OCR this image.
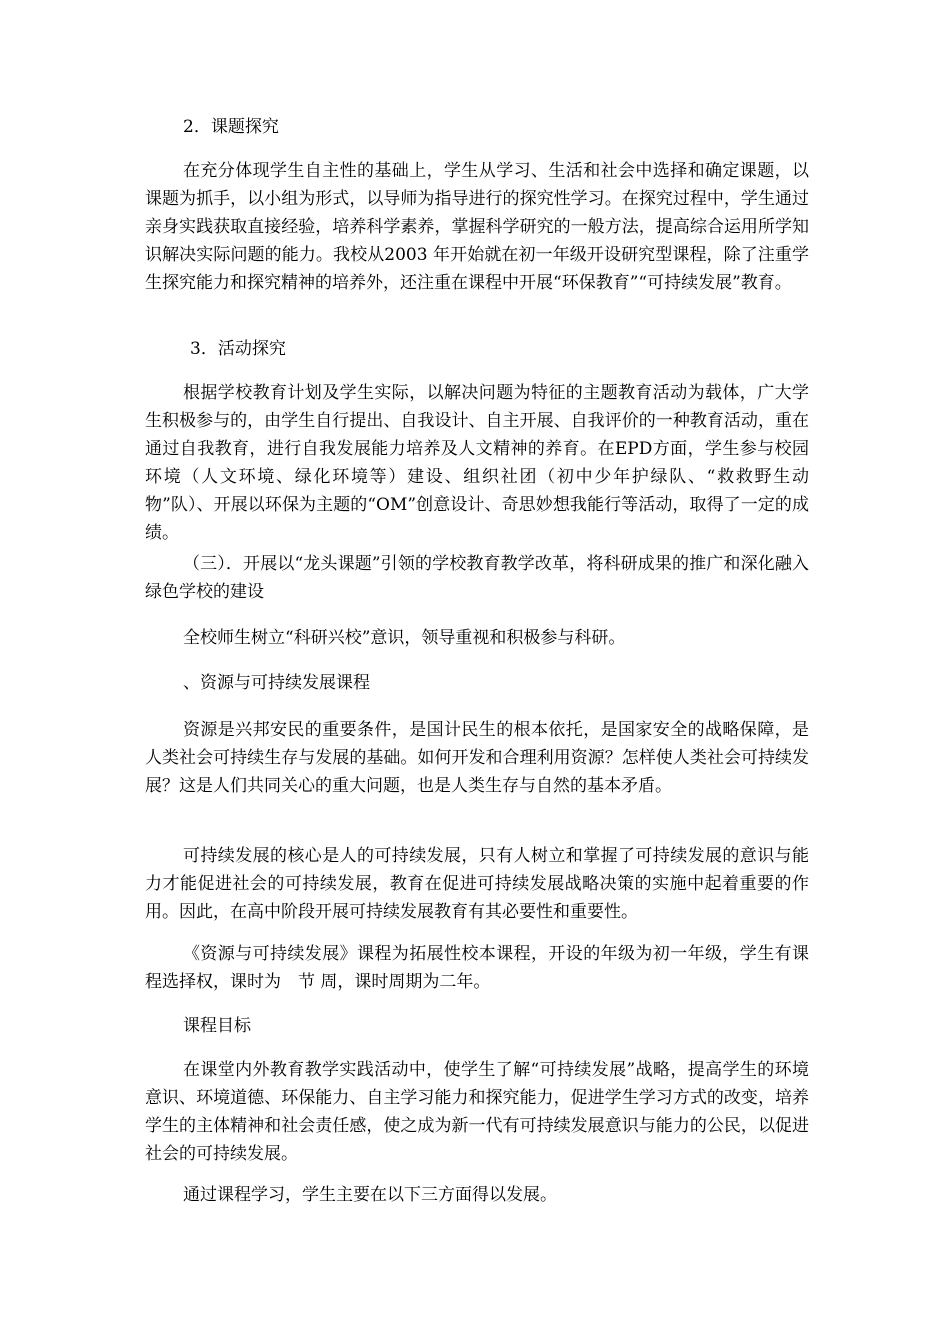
2．课题探究

在充分体现学生自主性的基础上，学生从学习、生活和社会中选择和确定课题，以课题为抓手，以小组为形式，以导师为指导进行的探究性学习。在探究过程中，学生通过亲身实践获取直接经验，培养科学素养，掌握科学研究的一般方法，提高综合运用所学知识解决实际问题的能力。我校从2003 年开始就在初一年级开设研究型课程，除了注重学生探究能力和探究精神的培养外，还注重在课程中开展“环保教育”“可持续发展”教育。

3．活动探究

根据学校教育计划及学生实际，以解决问题为特征的主题教育活动为载体，广大学生积极参与的，由学生自行提出、自我设计、自主开展、自我评价的一种教育活动，重在通过自我教育，进行自我发展能力培养及人文精神的养育。在EPD方面，学生参与校园环境（人文环境、绿化环境等）建设、组织社团（初中少年护绿队、“救救野生动物”队）、开展以环保为主题的“OM”创意设计、奇思妙想我能行等活动，取得了一定的成绩。

（三）．开展以“龙头课题”引领的学校教育教学改革，将科研成果的推广和深化融入绿色学校的建设

全校师生树立“科研兴校”意识，领导重视和积极参与科研。

、资源与可持续发展课程

资源是兴邦安民的重要条件，是国计民生的根本依托，是国家安全的战略保障，是人类社会可持续生存与发展的基础。如何开发和合理利用资源？怎样使人类社会可持续发展？这是人们共同关心的重大问题，也是人类生存与自然的基本矛盾。

可持续发展的核心是人的可持续发展，只有人树立和掌握了可持续发展的意识与能力才能促进社会的可持续发展，教育在促进可持续发展战略决策的实施中起着重要的作用。因此，在高中阶段开展可持续发展教育有其必要性和重要性。

《资源与可持续发展》课程为拓展性校本课程，开设的年级为初一年级，学生有课程选择权，课时为　节 周，课时周期为二年。

课程目标

在课堂内外教育教学实践活动中，使学生了解“可持续发展”战略，提高学生的环境意识、环境道德、环保能力、自主学习能力和探究能力，促进学生学习方式的改变，培养学生的主体精神和社会责任感，使之成为新一代有可持续发展意识与能力的公民，以促进社会的可持续发展。

通过课程学习，学生主要在以下三方面得以发展。
